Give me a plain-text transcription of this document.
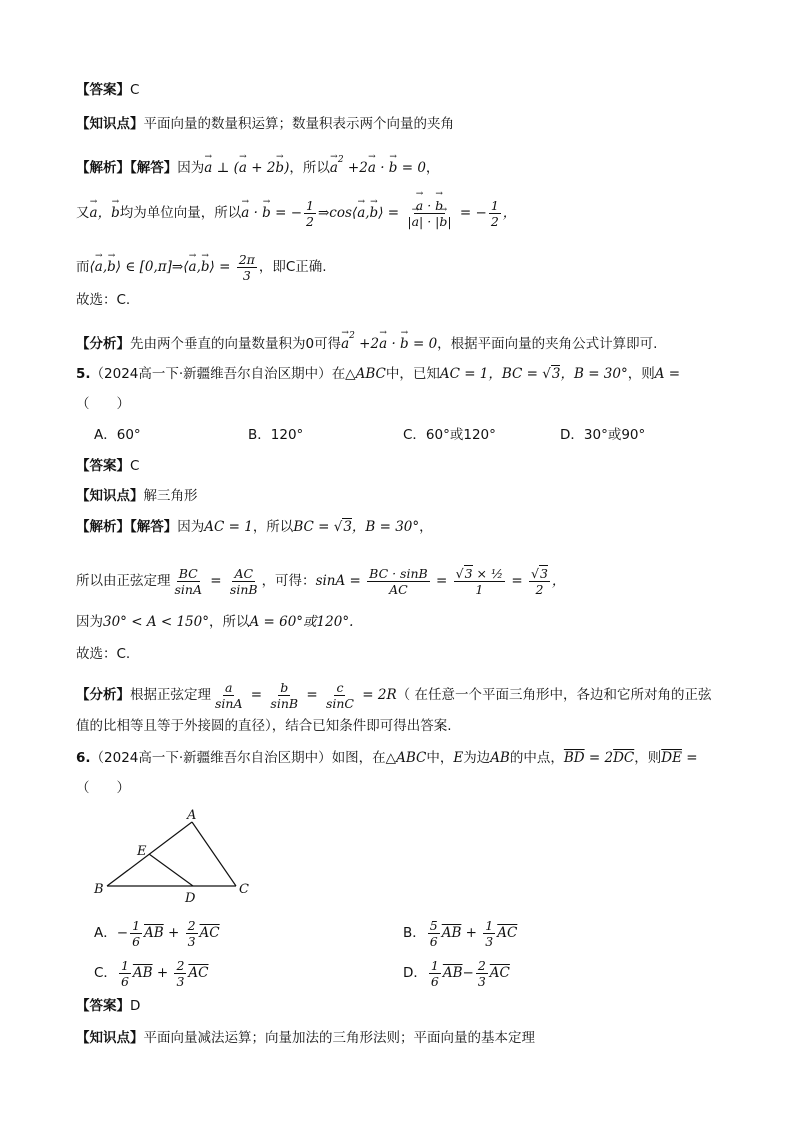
【答案】C
【知识点】平面向量的数量积运算；数量积表示两个向量的夹角
【解析】【解答】因为→ a ⊥ (→ a + 2→ b)，所以→ $a^2 +2\to a$ · → b = 0，
又→ a，→ b均为单位向量，所以→ a · → b = − $\frac{1}{2}$ ⇒cos⟨→ a,→ b⟩ = → $\frac{a \cdot \to b}{|\to a| \cdot |\to b|}$ = − $\frac{1}{2}$ ，
而⟨→ a,→ b⟩ ∈ [0,π]⇒⟨→ a,→ b⟩ = $\frac{2\pi}{3}$ ，即C正确.
故选：C.
【分析】先由两个垂直的向量数量积为0可得→ $a^2 +2\to a$ · → b = 0，根据平面向量的夹角公式计算即可.
5.（2024高一下·新疆维吾尔自治区期中）在△ABC中，已知AC = 1，BC = √3，B = 30°，则A =
（　　）
A．60°	B．120°	C．60°或120°	D．30°或90°
【答案】C
【知识点】解三角形
【解析】【解答】因为AC = 1，所以BC = √3，B = 30°，
所以由正弦定理 $\frac{BC}{\sin A} = \frac{AC}{\sin B}$ ，可得：$\sin A = \frac{BC \cdot \sin B}{AC} = \frac{\text{√3 × ½}}{1} = \frac{√3}{2}$ ，
因为30° < A < 150°，所以A = 60°或120°.
故选：C.
【分析】根据正弦定理 $\frac{a}{\sin A} = \frac{b}{\sin B} = \frac{c}{\sin C} = 2R$（ 在任意一个平面三角形中，各边和它所对角的正弦
值的比相等且等于外接圆的直径），结合已知条件即可得出答案.
6.（2024高一下·新疆维吾尔自治区期中）如图，在△ABC中，E为边AB的中点，$\overline{BD} = 2\overline{DC}$，则$\overline{DE}$ =
（　　）
A
E
B
D
C
A．− $\frac{1}{6} \overline{AB} + \frac{2}{3} \overline{AC}$	B． $\frac{5}{6} \overline{AB} + \frac{1}{3} \overline{AC}$
C． $\frac{1}{6} \overline{AB} + \frac{2}{3} \overline{AC}$	D． $\frac{1}{6} \overline{AB}- \frac{2}{3} \overline{AC}$
【答案】D
【知识点】平面向量减法运算；向量加法的三角形法则；平面向量的基本定理
